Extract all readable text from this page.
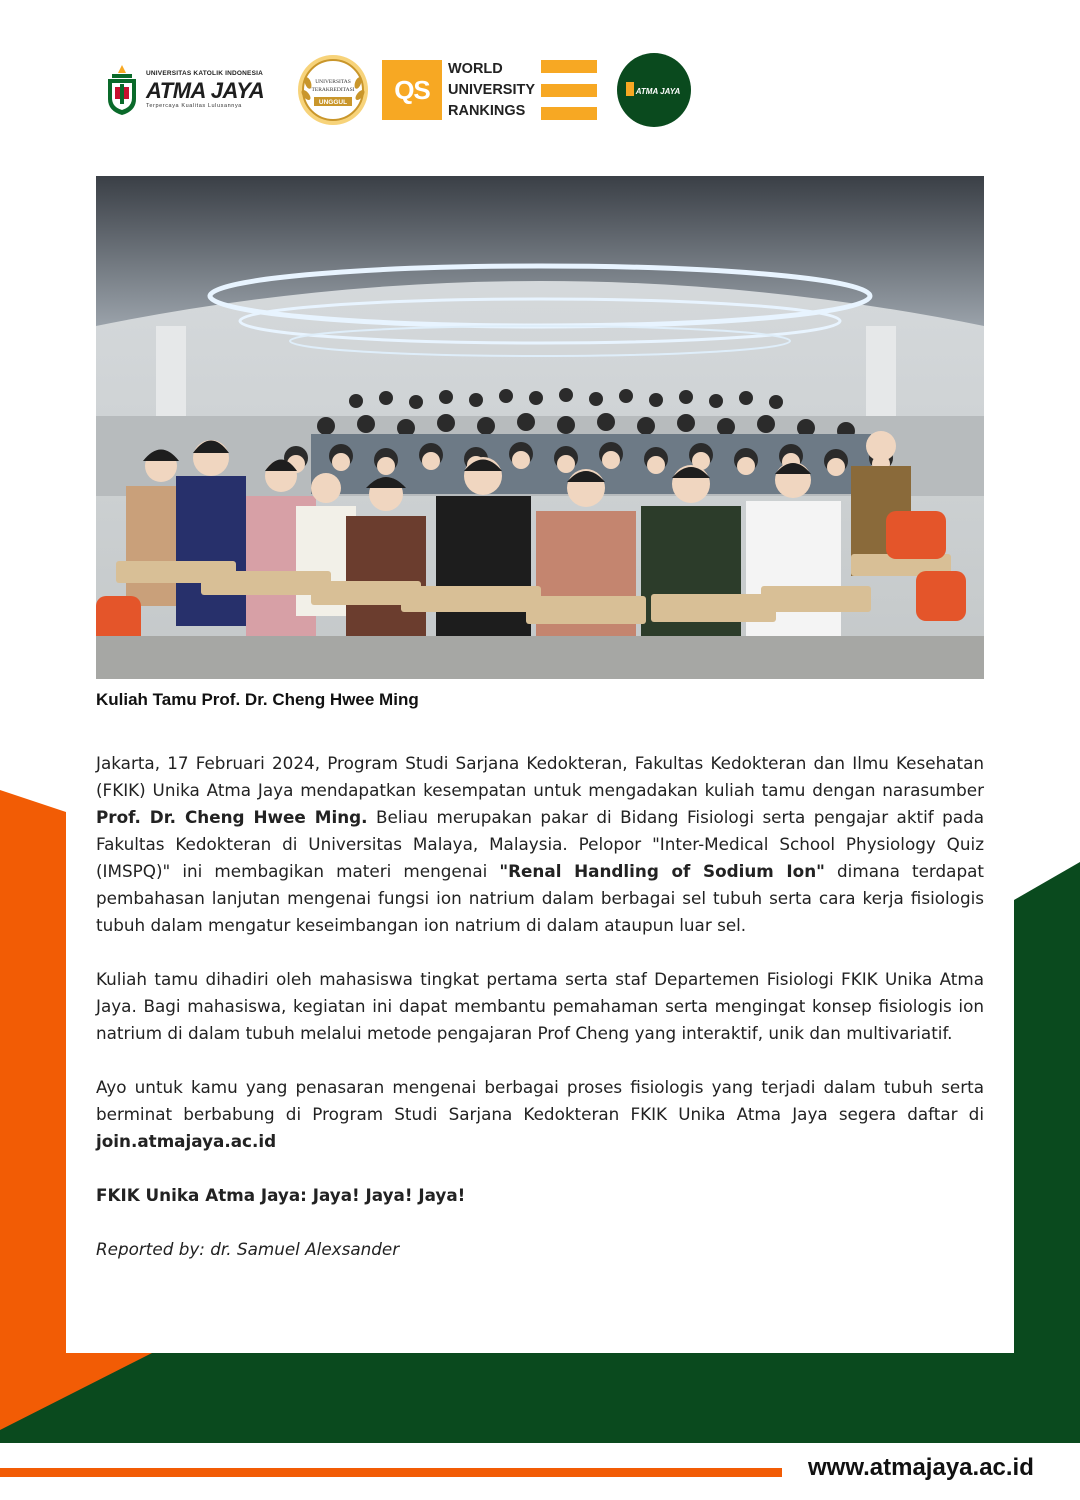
UNIVERSITAS KATOLIK INDONESIA
ATMA JAYA
Terpercaya Kualitas Lulusannya
UNIVERSITAS
TERAKREDITASI
UNGGUL	QS
WORLD
UNIVERSITY
RANKINGS
ATMA JAYA
Kuliah Tamu Prof. Dr. Cheng Hwee Ming

Jakarta, 17 Februari 2024, Program Studi Sarjana Kedokteran, Fakultas Kedokteran dan Ilmu Kesehatan (FKIK) Unika Atma Jaya mendapatkan kesempatan untuk mengadakan kuliah tamu dengan narasumber Prof. Dr. Cheng Hwee Ming. Beliau merupakan pakar di Bidang Fisiologi serta pengajar aktif pada Fakultas Kedokteran di Universitas Malaya, Malaysia. Pelopor "Inter-Medical School Physiology Quiz (IMSPQ)" ini membagikan materi mengenai "Renal Handling of Sodium Ion" dimana terdapat pembahasan lanjutan mengenai fungsi ion natrium dalam berbagai sel tubuh serta cara kerja fisiologis tubuh dalam mengatur keseimbangan ion natrium di dalam ataupun luar sel.

Kuliah tamu dihadiri oleh mahasiswa tingkat pertama serta staf Departemen Fisiologi FKIK Unika Atma Jaya. Bagi mahasiswa, kegiatan ini dapat membantu pemahaman serta mengingat konsep fisiologis ion natrium di dalam tubuh melalui metode pengajaran Prof Cheng yang interaktif, unik dan multivariatif.

Ayo untuk kamu yang penasaran mengenai berbagai proses fisiologis yang terjadi dalam tubuh serta berminat berbabung di Program Studi Sarjana Kedokteran FKIK Unika Atma Jaya segera daftar di join.atmajaya.ac.id

FKIK Unika Atma Jaya: Jaya! Jaya! Jaya!

Reported by: dr. Samuel Alexsander

www.atmajaya.ac.id
